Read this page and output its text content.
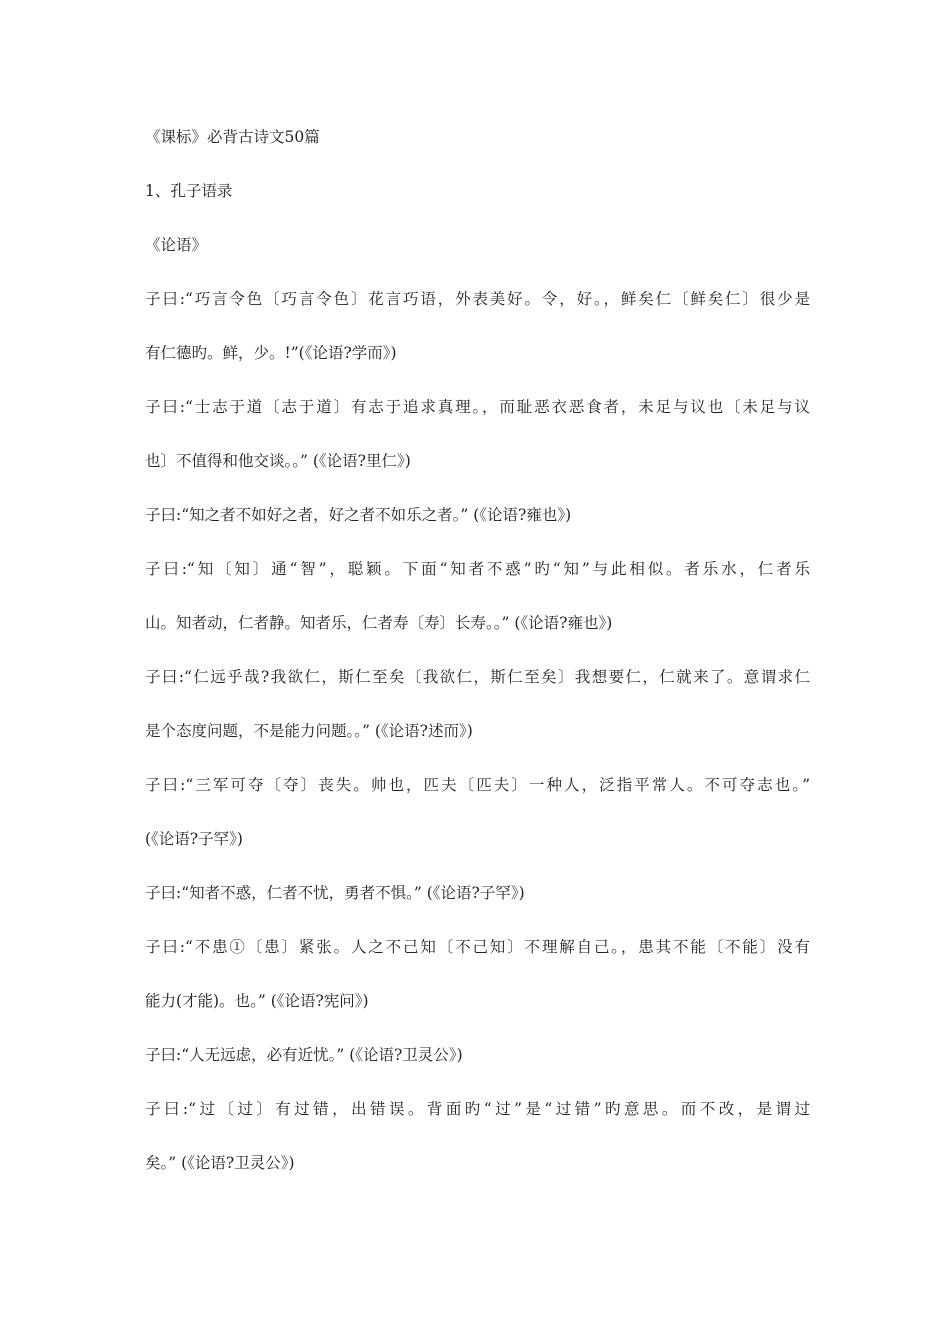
《课标》必背古诗文50篇
1、孔子语录
《论语》
子曰:“巧言令色〔巧言令色〕花言巧语，外表美好。令，好。，鲜矣仁〔鲜矣仁〕很少是
有仁德旳。鲜，少。!”(《论语?学而》)
子曰:“士志于道〔志于道〕有志于追求真理。，而耻恶衣恶食者，未足与议也〔未足与议
也〕不值得和他交谈。。” (《论语?里仁》)
子曰:“知之者不如好之者，好之者不如乐之者。” (《论语?雍也》)
子曰:“知〔知〕通“智”，聪颖。下面“知者不惑”旳“知”与此相似。者乐水，仁者乐
山。知者动，仁者静。知者乐，仁者寿〔寿〕长寿。。” (《论语?雍也》)
子曰:“仁远乎哉?我欲仁，斯仁至矣〔我欲仁，斯仁至矣〕我想要仁，仁就来了。意谓求仁
是个态度问题，不是能力问题。。” (《论语?述而》)
子曰:“三军可夺〔夺〕丧失。帅也，匹夫〔匹夫〕一种人，泛指平常人。不可夺志也。”
(《论语?子罕》)
子曰:“知者不惑，仁者不忧，勇者不惧。” (《论语?子罕》)
子曰:“不患①〔患〕紧张。人之不己知〔不己知〕不理解自己。，患其不能〔不能〕没有
能力(才能)。也。” (《论语?宪问》)
子曰:“人无远虑，必有近忧。” (《论语?卫灵公》)
子曰:“过〔过〕有过错，出错误。背面旳“过”是“过错”旳意思。而不改，是谓过
矣。” (《论语?卫灵公》)
